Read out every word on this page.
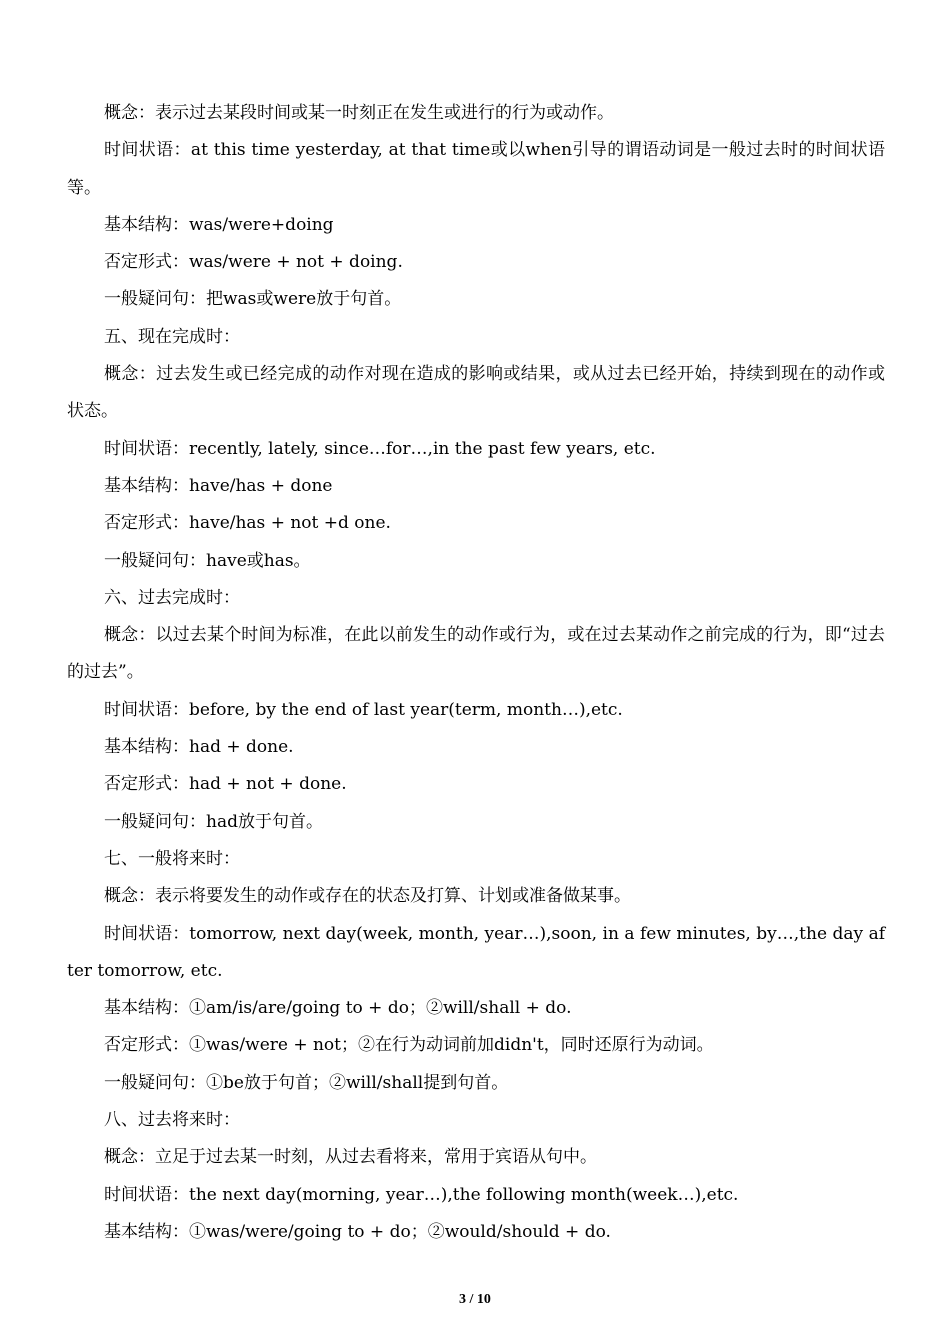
概念：表示过去某段时间或某一时刻正在发生或进行的行为或动作。

时间状语：at this time yesterday, at that time或以when引导的谓语动词是一般过去时的时间状语等。

基本结构：was/were+doing

否定形式：was/were + not + doing.

一般疑问句：把was或were放于句首。

五、现在完成时：

概念：过去发生或已经完成的动作对现在造成的影响或结果，或从过去已经开始，持续到现在的动作或状态。

时间状语：recently, lately, since…for…,in the past few years, etc.

基本结构：have/has + done

否定形式：have/has + not +d one.

一般疑问句：have或has。

六、过去完成时：

概念：以过去某个时间为标准，在此以前发生的动作或行为，或在过去某动作之前完成的行为，即“过去的过去”。

时间状语：before, by the end of last year(term, month…),etc.

基本结构：had + done.

否定形式：had + not + done.

一般疑问句：had放于句首。

七、一般将来时：

概念：表示将要发生的动作或存在的状态及打算、计划或准备做某事。

时间状语：tomorrow, next day(week, month, year…),soon, in a few minutes, by…,the day after tomorrow, etc.

基本结构：①am/is/are/going to + do；②will/shall + do.

否定形式：①was/were + not；②在行为动词前加didn't，同时还原行为动词。

一般疑问句：①be放于句首；②will/shall提到句首。

八、过去将来时：

概念：立足于过去某一时刻，从过去看将来，常用于宾语从句中。

时间状语：the next day(morning, year…),the following month(week…),etc.

基本结构：①was/were/going to + do；②would/should + do.

3 / 10
